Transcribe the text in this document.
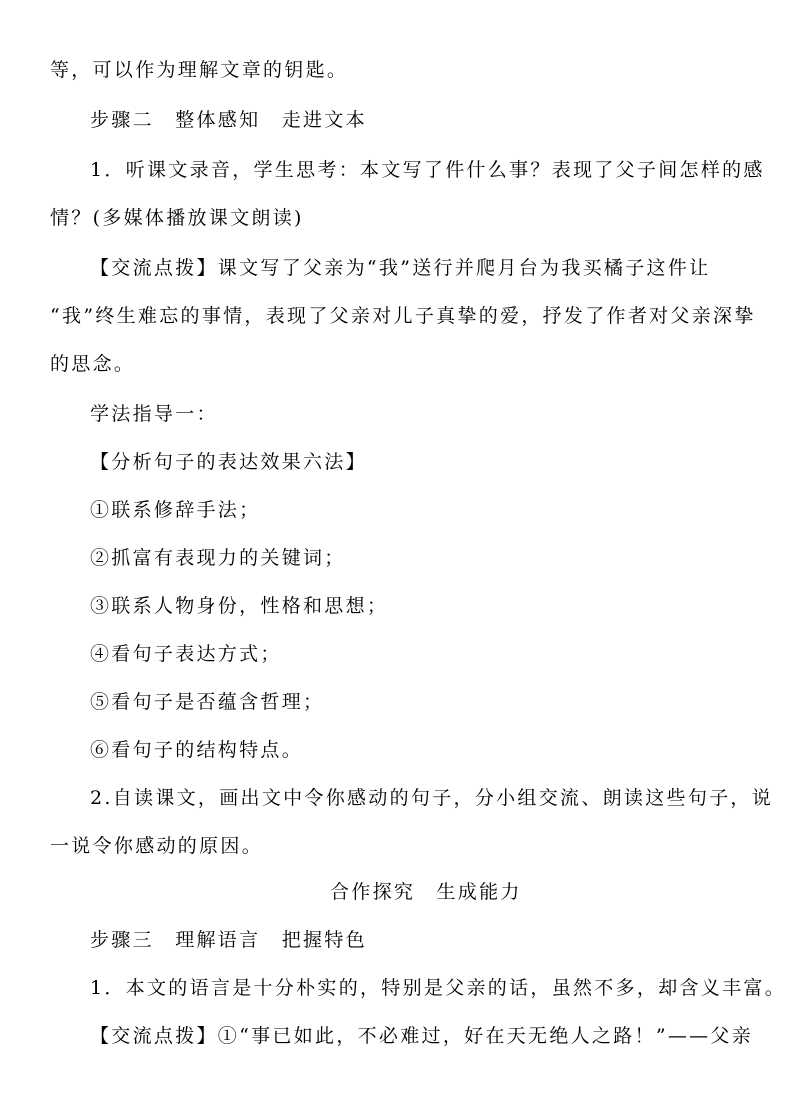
等，可以作为理解文章的钥匙。
步骤二　整体感知　走进文本
1．听课文录音，学生思考：本文写了件什么事？表现了父子间怎样的感
情？(多媒体播放课文朗读)
【交流点拨】课文写了父亲为“我”送行并爬月台为我买橘子这件让
“我”终生难忘的事情，表现了父亲对儿子真挚的爱，抒发了作者对父亲深挚
的思念。
学法指导一：
【分析句子的表达效果六法】
①联系修辞手法；
②抓富有表现力的关键词；
③联系人物身份，性格和思想；
④看句子表达方式；
⑤看句子是否蕴含哲理；
⑥看句子的结构特点。
2.自读课文，画出文中令你感动的句子，分小组交流、朗读这些句子，说
一说令你感动的原因。
合作探究　生成能力
步骤三　理解语言　把握特色
1．本文的语言是十分朴实的，特别是父亲的话，虽然不多，却含义丰富。
【交流点拨】①“事已如此，不必难过，好在天无绝人之路！”——父亲
